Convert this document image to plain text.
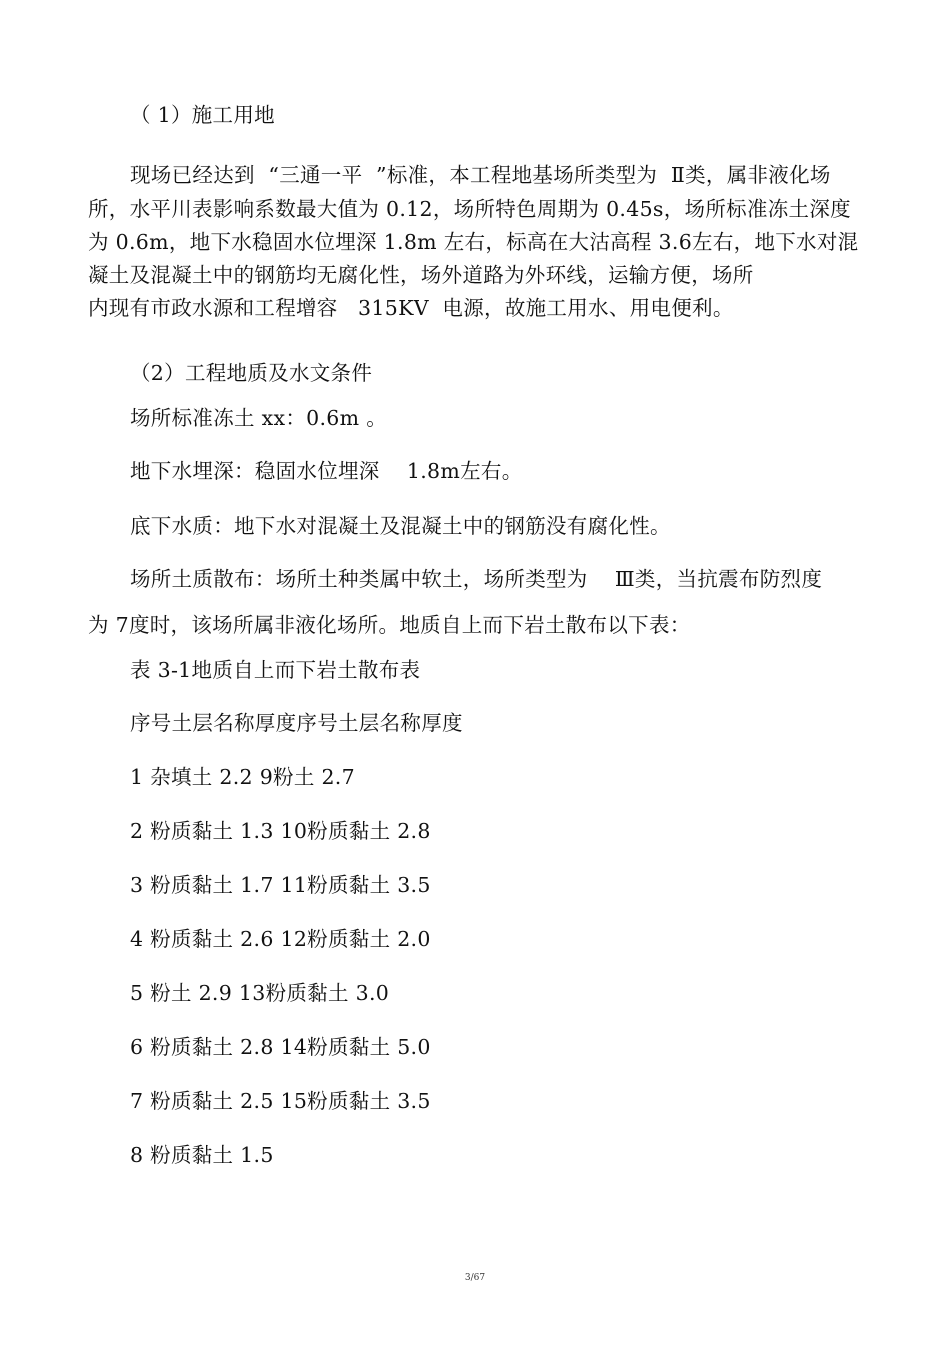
（ 1）施工用地
现场已经达到  “三通一平  ”标准，本工程地基场所类型为  Ⅱ类，属非液化场
所，水平川表影响系数最大值为 0.12，场所特色周期为 0.45s，场所标准冻土深度
为 0.6m，地下水稳固水位埋深 1.8m 左右，标高在大沽高程 3.6左右，地下水对混
凝土及混凝土中的钢筋均无腐化性，场外道路为外环线，运输方便，场所
内现有市政水源和工程增容   315KV  电源，故施工用水、用电便利。
（2）工程地质及水文条件
场所标准冻土 xx：0.6m 。
地下水埋深：稳固水位埋深    1.8m左右。
底下水质：地下水对混凝土及混凝土中的钢筋没有腐化性。
场所土质散布：场所土种类属中软土，场所类型为    Ⅲ类，当抗震布防烈度
为 7度时，该场所属非液化场所。地质自上而下岩土散布以下表：
表 3-1地质自上而下岩土散布表
序号土层名称厚度序号土层名称厚度
1 杂填土 2.2 9粉土 2.7
2 粉质黏土 1.3 10粉质黏土 2.8
3 粉质黏土 1.7 11粉质黏土 3.5
4 粉质黏土 2.6 12粉质黏土 2.0
5 粉土 2.9 13粉质黏土 3.0
6 粉质黏土 2.8 14粉质黏土 5.0
7 粉质黏土 2.5 15粉质黏土 3.5
8 粉质黏土 1.5
3/67
